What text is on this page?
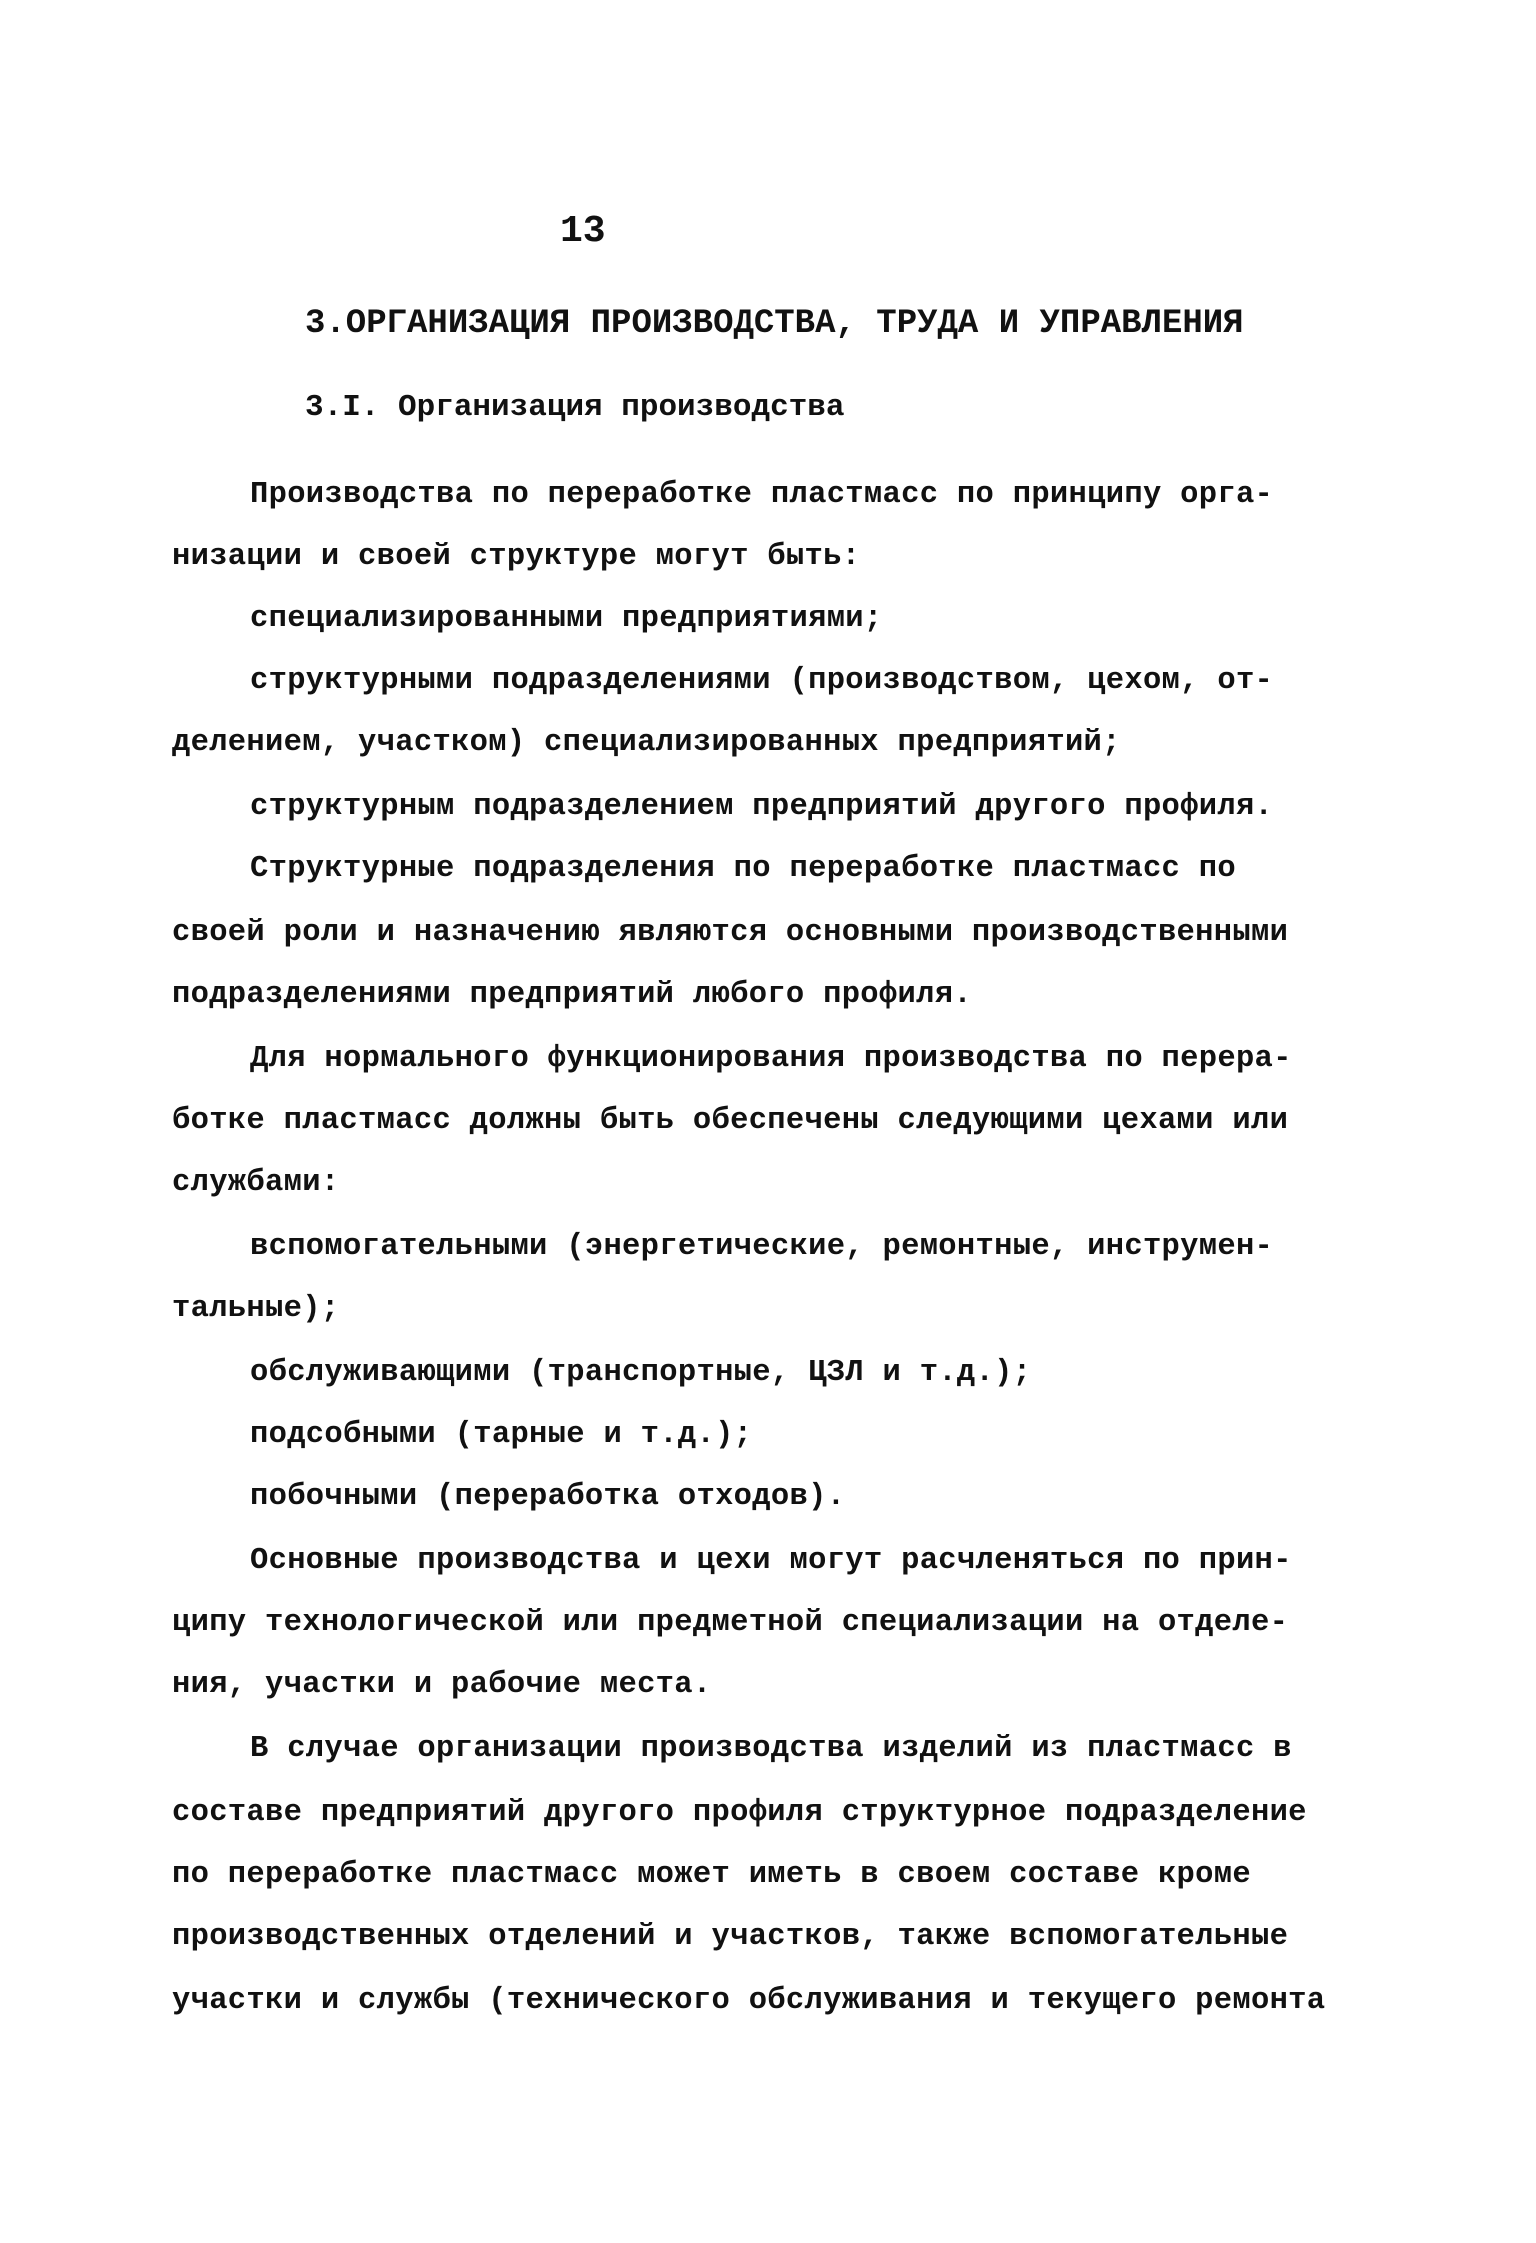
13
3.ОРГАНИЗАЦИЯ ПРОИЗВОДСТВА, ТРУДА И УПРАВЛЕНИЯ
3.I. Организация производства
Производства по переработке пластмасс по принципу орга-
низации и своей структуре могут быть:
специализированными предприятиями;
структурными подразделениями (производством, цехом, от-
делением, участком) специализированных предприятий;
структурным подразделением предприятий другого профиля.
Структурные подразделения по переработке пластмасс по
своей роли и назначению являются основными производственными
подразделениями предприятий любого профиля.
Для нормального функционирования производства по перера-
ботке пластмасс должны быть обеспечены следующими цехами или
службами:
вспомогательными (энергетические, ремонтные, инструмен-
тальные);
обслуживающими (транспортные, ЦЗЛ и т.д.);
подсобными (тарные и т.д.);
побочными (переработка отходов).
Основные производства и цехи могут расчленяться по прин-
ципу технологической или предметной специализации на отделе-
ния, участки и рабочие места.
В случае организации производства изделий из пластмасс в
составе предприятий другого профиля структурное подразделение
по переработке пластмасс может иметь в своем составе кроме
производственных отделений и участков, также вспомогательные
участки и службы (технического обслуживания и текущего ремонта
